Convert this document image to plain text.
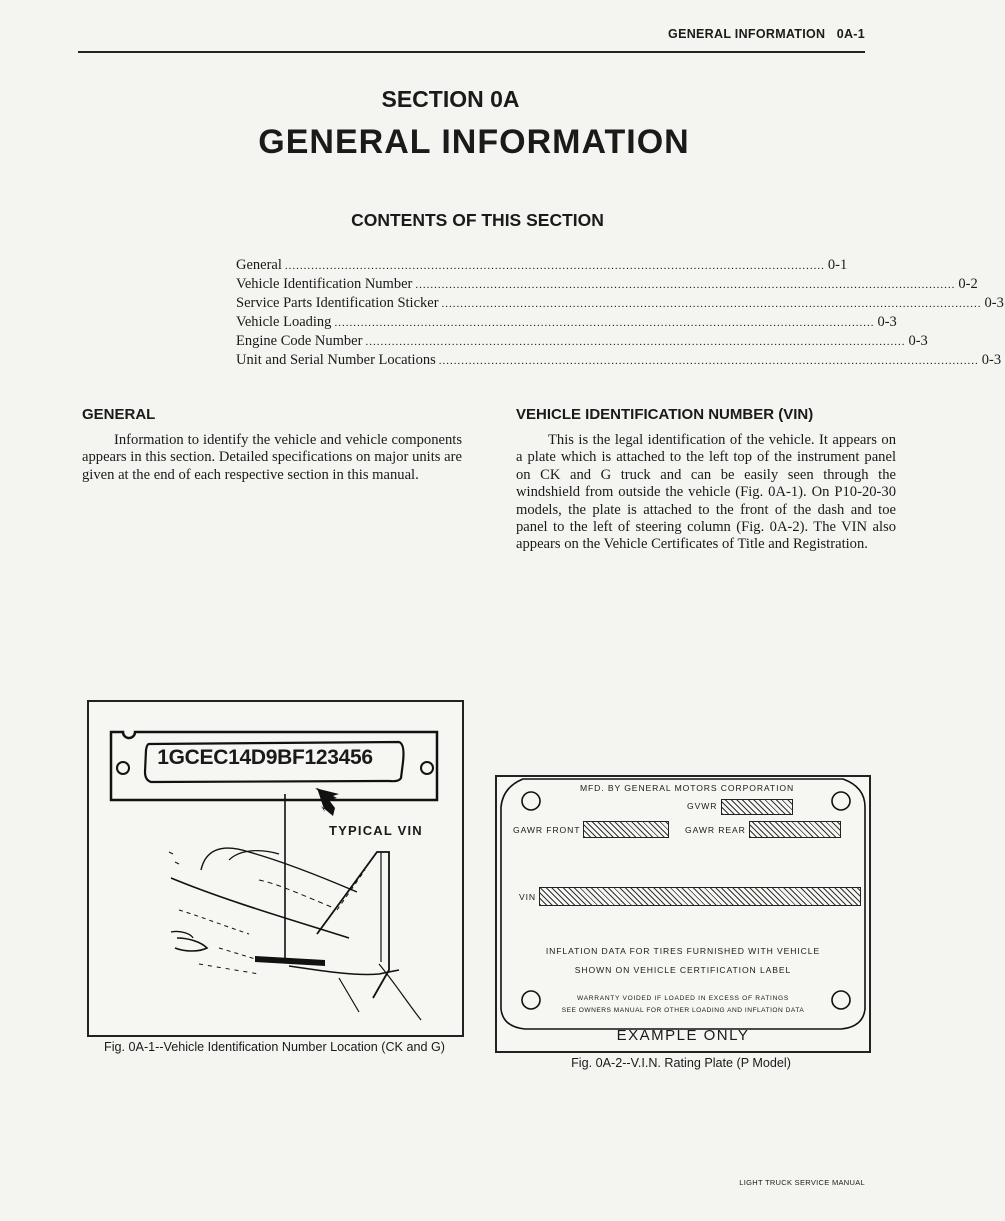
GENERAL INFORMATION 0A-1
SECTION 0A
GENERAL INFORMATION
CONTENTS OF THIS SECTION
General ................................................................................................................................................ 0-1
Vehicle Identification Number ................................................................................................................................................ 0-2
Service Parts Identification Sticker ................................................................................................................................................ 0-3
Vehicle Loading ................................................................................................................................................ 0-3
Engine Code Number ................................................................................................................................................ 0-3
Unit and Serial Number Locations ................................................................................................................................................ 0-3
GENERAL

Information to identify the vehicle and vehicle components appears in this section. Detailed specifications on major units are given at the end of each respective section in this manual.

VEHICLE IDENTIFICATION NUMBER (VIN)

This is the legal identification of the vehicle. It appears on a plate which is attached to the left top of the instrument panel on CK and G truck and can be easily seen through the windshield from outside the vehicle (Fig. 0A-1). On P10-20-30 models, the plate is attached to the front of the dash and toe panel to the left of steering column (Fig. 0A-2). The VIN also appears on the Vehicle Certificates of Title and Registration.

1GCEC14D9BF123456
TYPICAL VIN
Fig. 0A-1--Vehicle Identification Number Location (CK and G)
MFD. BY GENERAL MOTORS CORPORATION
GVWR
GAWR FRONT	GAWR REAR
VIN
INFLATION DATA FOR TIRES FURNISHED WITH VEHICLE
SHOWN ON VEHICLE CERTIFICATION LABEL
WARRANTY VOIDED IF LOADED IN EXCESS OF RATINGS
SEE OWNERS MANUAL FOR OTHER LOADING AND INFLATION DATA
EXAMPLE ONLY
Fig. 0A-2--V.I.N. Rating Plate (P Model)
LIGHT TRUCK SERVICE MANUAL
